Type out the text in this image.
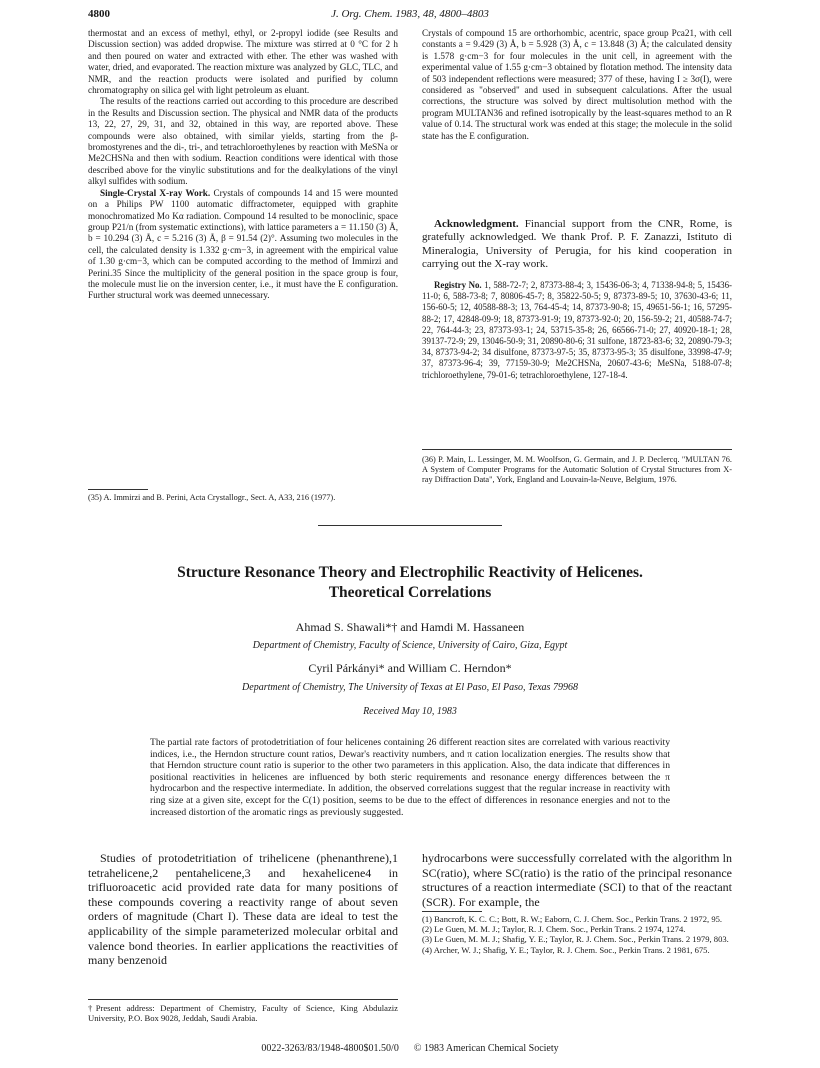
4800	J. Org. Chem. 1983, 48, 4800–4803

thermostat and an excess of methyl, ethyl, or 2-propyl iodide (see Results and Discussion section) was added dropwise. The mixture was stirred at 0 °C for 2 h and then poured on water and extracted with ether. The ether was washed with water, dried, and evaporated. The reaction mixture was analyzed by GLC, TLC, and NMR, and the reaction products were isolated and purified by column chromatography on silica gel with light petroleum as eluant.

The results of the reactions carried out according to this procedure are described in the Results and Discussion section. The physical and NMR data of the products 13, 22, 27, 29, 31, and 32, obtained in this way, are reported above. These compounds were also obtained, with similar yields, starting from the β-bromostyrenes and the di-, tri-, and tetrachloroethylenes by reaction with MeSNa or Me2CHSNa and then with sodium. Reaction conditions were identical with those described above for the vinylic substitutions and for the dealkylations of the vinyl alkyl sulfides with sodium.

Single-Crystal X-ray Work. Crystals of compounds 14 and 15 were mounted on a Philips PW 1100 automatic diffractometer, equipped with graphite monochromatized Mo Kα radiation. Compound 14 resulted to be monoclinic, space group P21/n (from systematic extinctions), with lattice parameters a = 11.150 (3) Å, b = 10.294 (3) Å, c = 5.216 (3) Å, β = 91.54 (2)°. Assuming two molecules in the cell, the calculated density is 1.332 g·cm−3, in agreement with the empirical value of 1.30 g·cm−3, which can be computed according to the method of Immirzi and Perini.35 Since the multiplicity of the general position in the space group is four, the molecule must lie on the inversion center, i.e., it must have the E configuration. Further structural work was deemed unnecessary.

(35) A. Immirzi and B. Perini, Acta Crystallogr., Sect. A, A33, 216 (1977).

Crystals of compound 15 are orthorhombic, acentric, space group Pca21, with cell constants a = 9.429 (3) Å, b = 5.928 (3) Å, c = 13.848 (3) Å; the calculated density is 1.578 g·cm−3 for four molecules in the unit cell, in agreement with the experimental value of 1.55 g·cm−3 obtained by flotation method. The intensity data of 503 independent reflections were measured; 377 of these, having I ≥ 3σ(I), were considered as "observed" and used in subsequent calculations. After the usual corrections, the structure was solved by direct multisolution method with the program MULTAN36 and refined isotropically by the least-squares method to an R value of 0.14. The structural work was ended at this stage; the molecule in the solid state has the E configuration.

Acknowledgment. Financial support from the CNR, Rome, is gratefully acknowledged. We thank Prof. P. F. Zanazzi, Istituto di Mineralogia, University of Perugia, for his kind cooperation in carrying out the X-ray work.

Registry No. 1, 588-72-7; 2, 87373-88-4; 3, 15436-06-3; 4, 71338-94-8; 5, 15436-11-0; 6, 588-73-8; 7, 80806-45-7; 8, 35822-50-5; 9, 87373-89-5; 10, 37630-43-6; 11, 156-60-5; 12, 40588-88-3; 13, 764-45-4; 14, 87373-90-8; 15, 49651-56-1; 16, 57295-88-2; 17, 42848-09-9; 18, 87373-91-9; 19, 87373-92-0; 20, 156-59-2; 21, 40588-74-7; 22, 764-44-3; 23, 87373-93-1; 24, 53715-35-8; 26, 66566-71-0; 27, 40920-18-1; 28, 39137-72-9; 29, 13046-50-9; 31, 20890-80-6; 31 sulfone, 18723-83-6; 32, 20890-79-3; 34, 87373-94-2; 34 disulfone, 87373-97-5; 35, 87373-95-3; 35 disulfone, 33998-47-9; 37, 87373-96-4; 39, 77159-30-9; Me2CHSNa, 20607-43-6; MeSNa, 5188-07-8; trichloroethylene, 79-01-6; tetrachloroethylene, 127-18-4.

(36) P. Main, L. Lessinger, M. M. Woolfson, G. Germain, and J. P. Declercq. "MULTAN 76. A System of Computer Programs for the Automatic Solution of Crystal Structures from X-ray Diffraction Data", York, England and Louvain-la-Neuve, Belgium, 1976.
Structure Resonance Theory and Electrophilic Reactivity of Helicenes.
Theoretical Correlations
Ahmad S. Shawali*† and Hamdi M. Hassaneen
Department of Chemistry, Faculty of Science, University of Cairo, Giza, Egypt
Cyril Párkányi* and William C. Herndon*
Department of Chemistry, The University of Texas at El Paso, El Paso, Texas 79968
Received May 10, 1983
The partial rate factors of protodetritiation of four helicenes containing 26 different reaction sites are correlated with various reactivity indices, i.e., the Herndon structure count ratios, Dewar's reactivity numbers, and π cation localization energies. The results show that that Herndon structure count ratio is superior to the other two parameters in this application. Also, the data indicate that differences in positional reactivities in helicenes are influenced by both steric requirements and resonance energy differences between the π hydrocarbon and the respective intermediate. In addition, the observed correlations suggest that the regular increase in reactivity with ring size at a given site, except for the C(1) position, seems to be due to the effect of differences in resonance energies and not to the increased distortion of the aromatic rings as previously suggested.

Studies of protodetritiation of trihelicene (phenanthrene),1 tetrahelicene,2 pentahelicene,3 and hexahelicene4 in trifluoroacetic acid provided rate data for many positions of these compounds covering a reactivity range of about seven orders of magnitude (Chart I). These data are ideal to test the applicability of the simple parameterized molecular orbital and valence bond theories. In earlier applications the reactivities of many benzenoid

hydrocarbons were successfully correlated with the algorithm ln SC(ratio), where SC(ratio) is the ratio of the principal resonance structures of a reaction intermediate (SCI) to that of the reactant (SCR). For example, the

†Present address: Department of Chemistry, Faculty of Science, King Abdulaziz University, P.O. Box 9028, Jeddah, Saudi Arabia.

(1) Bancroft, K. C. C.; Bott, R. W.; Eaborn, C. J. Chem. Soc., Perkin Trans. 2 1972, 95.

(2) Le Guen, M. M. J.; Taylor, R. J. Chem. Soc., Perkin Trans. 2 1974, 1274.

(3) Le Guen, M. M. J.; Shafig, Y. E.; Taylor, R. J. Chem. Soc., Perkin Trans. 2 1979, 803.

(4) Archer, W. J.; Shafig, Y. E.; Taylor, R. J. Chem. Soc., Perkin Trans. 2 1981, 675.

0022-3263/83/1948-4800$01.50/0 © 1983 American Chemical Society
